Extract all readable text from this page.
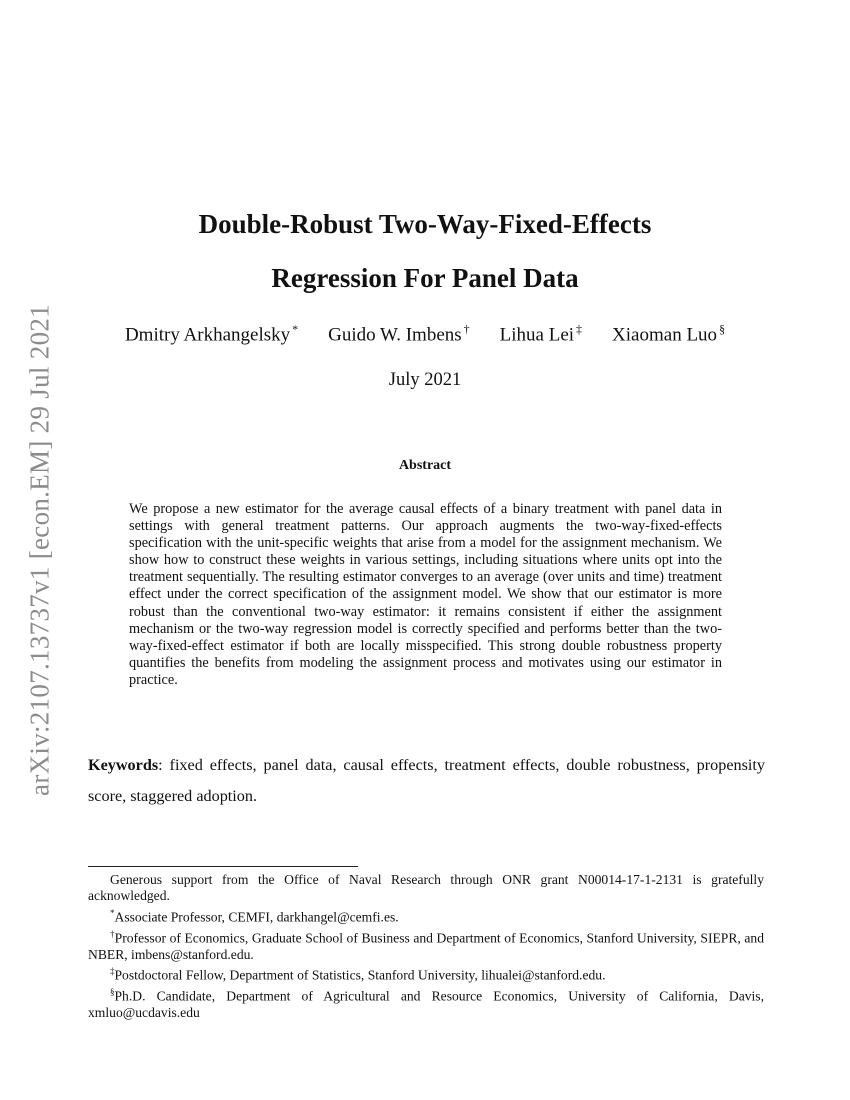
arXiv:2107.13737v1 [econ.EM] 29 Jul 2021
Double-Robust Two-Way-Fixed-Effects
Regression For Panel Data
Dmitry Arkhangelsky * Guido W. Imbens † Lihua Lei ‡ Xiaoman Luo §
July 2021
Abstract

We propose a new estimator for the average causal effects of a binary treatment with panel data in settings with general treatment patterns. Our approach augments the two-way-fixed-effects specification with the unit-specific weights that arise from a model for the assignment mechanism. We show how to construct these weights in various settings, including situations where units opt into the treatment sequentially. The resulting estimator converges to an average (over units and time) treatment effect under the correct specification of the assignment model. We show that our estimator is more robust than the conventional two-way estimator: it remains consistent if either the assignment mechanism or the two-way regression model is correctly specified and performs better than the two-way-fixed-effect estimator if both are locally misspecified. This strong double robustness property quantifies the benefits from modeling the assignment process and motivates using our estimator in practice.

Keywords: fixed effects, panel data, causal effects, treatment effects, double robustness, propensity score, staggered adoption.

Generous support from the Office of Naval Research through ONR grant N00014-17-1-2131 is gratefully acknowledged.

*Associate Professor, CEMFI, darkhangel@cemfi.es.

†Professor of Economics, Graduate School of Business and Department of Economics, Stanford University, SIEPR, and NBER, imbens@stanford.edu.

‡Postdoctoral Fellow, Department of Statistics, Stanford University, lihualei@stanford.edu.

§Ph.D. Candidate, Department of Agricultural and Resource Economics, University of California, Davis, xmluo@ucdavis.edu
